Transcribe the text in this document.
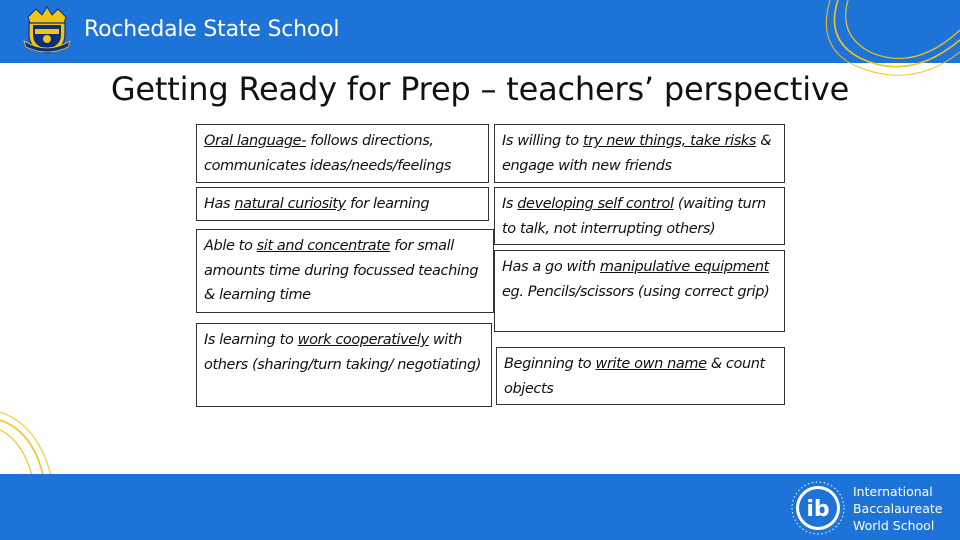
Rochedale State School
Getting Ready for Prep – teachers’ perspective
Oral language- follows directions, communicates ideas/needs/feelings
Is willing to try new things, take risks & engage with new friends
Has natural curiosity for learning	Is developing self control (waiting turn to talk, not interrupting others)
Able to sit and concentrate for small amounts time during focussed teaching & learning time
Has a go with manipulative equipment eg. Pencils/scissors (using correct grip)
Is learning to work cooperatively with others (sharing/turn taking/ negotiating)	Beginning to write own name & count objects
ib
International
Baccalaureate
World School
